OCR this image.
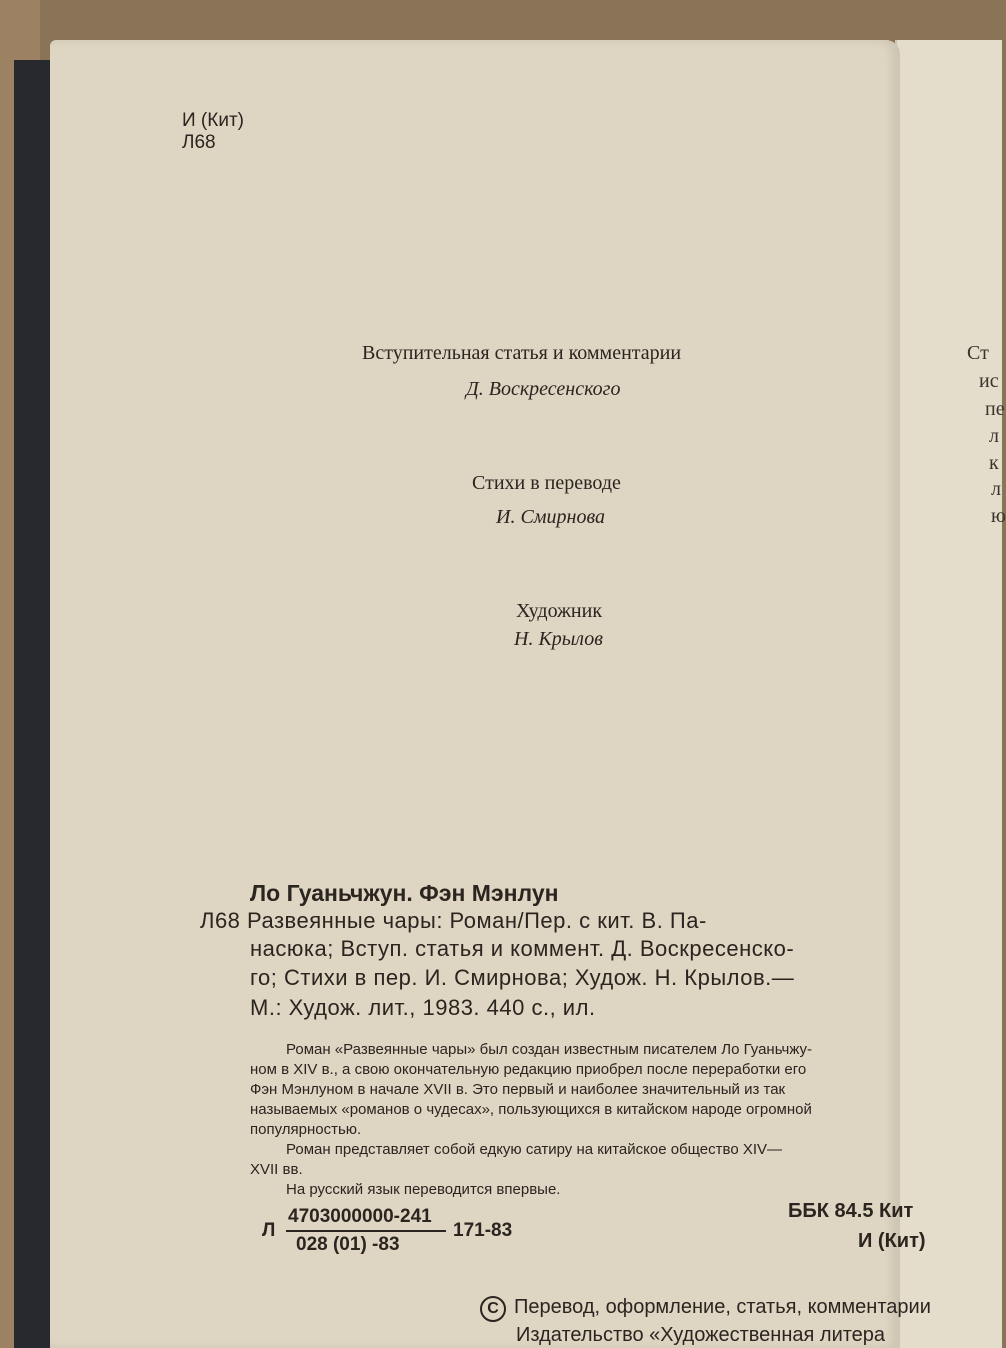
Ст
ис
пе
л
к
л
ю
И (Кит)
Л68
Вступительная статья и комментарии
Д. Воскресенского
Стихи в переводе
И. Смирнова
Художник
Н. Крылов
Ло Гуаньчжун. Фэн Мэнлун
Л68 Развеянные чары: Роман/Пер. с кит. В. Па-
насюка; Вступ. статья и коммент. Д. Воскресенско-
го; Стихи в пер. И. Смирнова; Худож. Н. Крылов.—
М.: Худож. лит., 1983. 440 с., ил.
Роман «Развеянные чары» был создан известным писателем Ло Гуаньчжу-
ном в XIV в., а свою окончательную редакцию приобрел после переработки его
Фэн Мэнлуном в начале XVII в. Это первый и наиболее значительный из так
называемых «романов о чудесах», пользующихся в китайском народе огромной
популярностью.
Роман представляет собой едкую сатиру на китайское общество XIV—
XVII вв.
На русский язык переводится впервые.
Л
4703000000-241
028 (01) -83
171-83
ББК 84.5 Кит
И (Кит)
C Перевод, оформление, статья, комментарии
Издательство «Художественная литера
